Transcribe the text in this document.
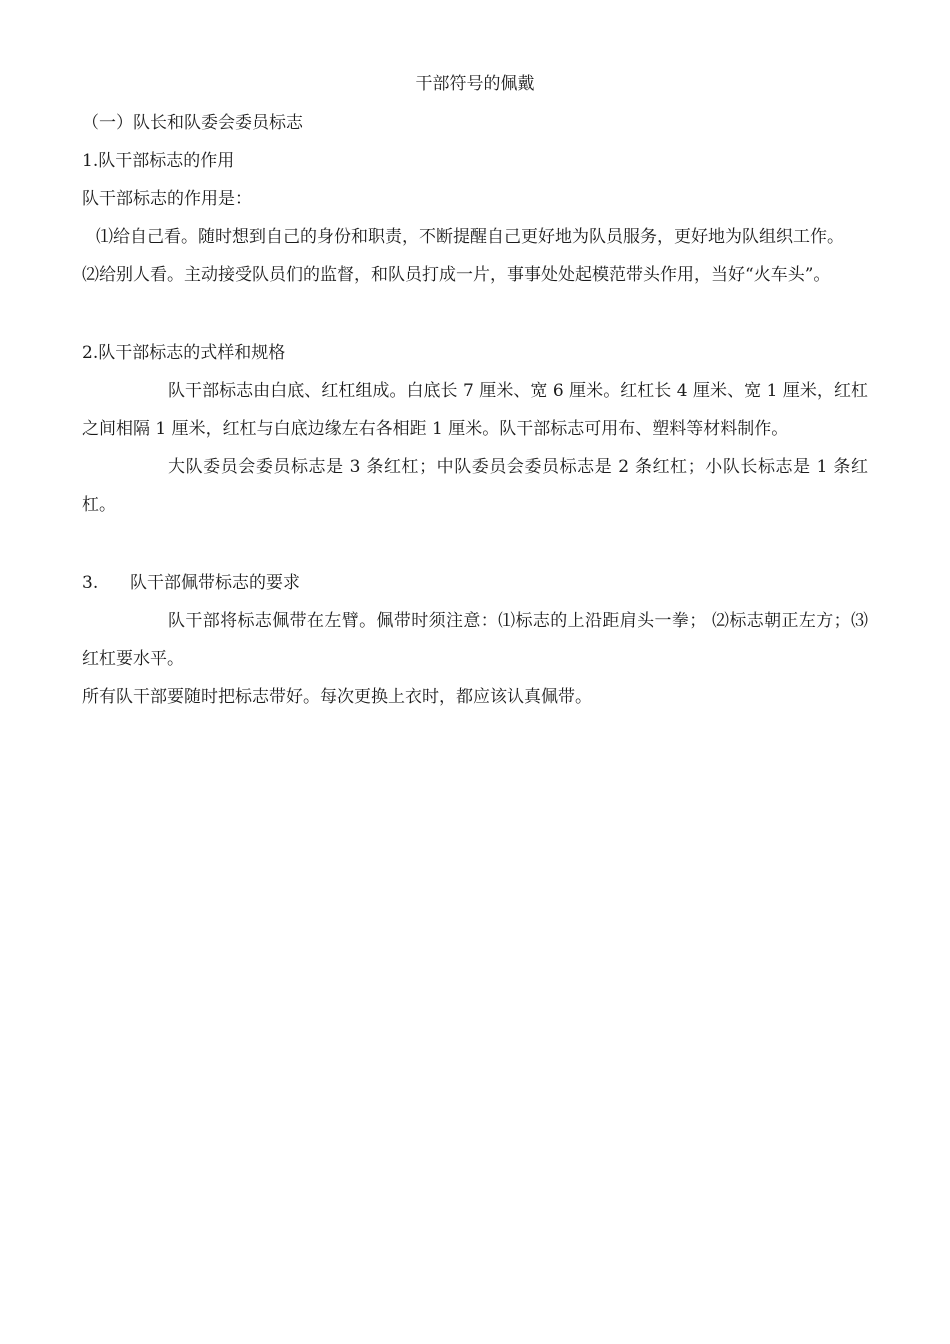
干部符号的佩戴

（一）队长和队委会委员标志

1.队干部标志的作用

队干部标志的作用是：

⑴给自己看。随时想到自己的身份和职责，不断提醒自己更好地为队员服务，更好地为队组织工作。

⑵给别人看。主动接受队员们的监督，和队员打成一片，事事处处起模范带头作用，当好“火车头”。

2.队干部标志的式样和规格

队干部标志由白底、红杠组成。白底长 7 厘米、宽 6 厘米。红杠长 4 厘米、宽 1 厘米，红杠之间相隔 1 厘米，红杠与白底边缘左右各相距 1 厘米。队干部标志可用布、塑料等材料制作。

大队委员会委员标志是 3 条红杠；中队委员会委员标志是 2 条红杠；小队长标志是 1 条红杠。

3. 队干部佩带标志的要求

队干部将标志佩带在左臂。佩带时须注意：⑴标志的上沿距肩头一拳； ⑵标志朝正左方；⑶红杠要水平。

所有队干部要随时把标志带好。每次更换上衣时，都应该认真佩带。
